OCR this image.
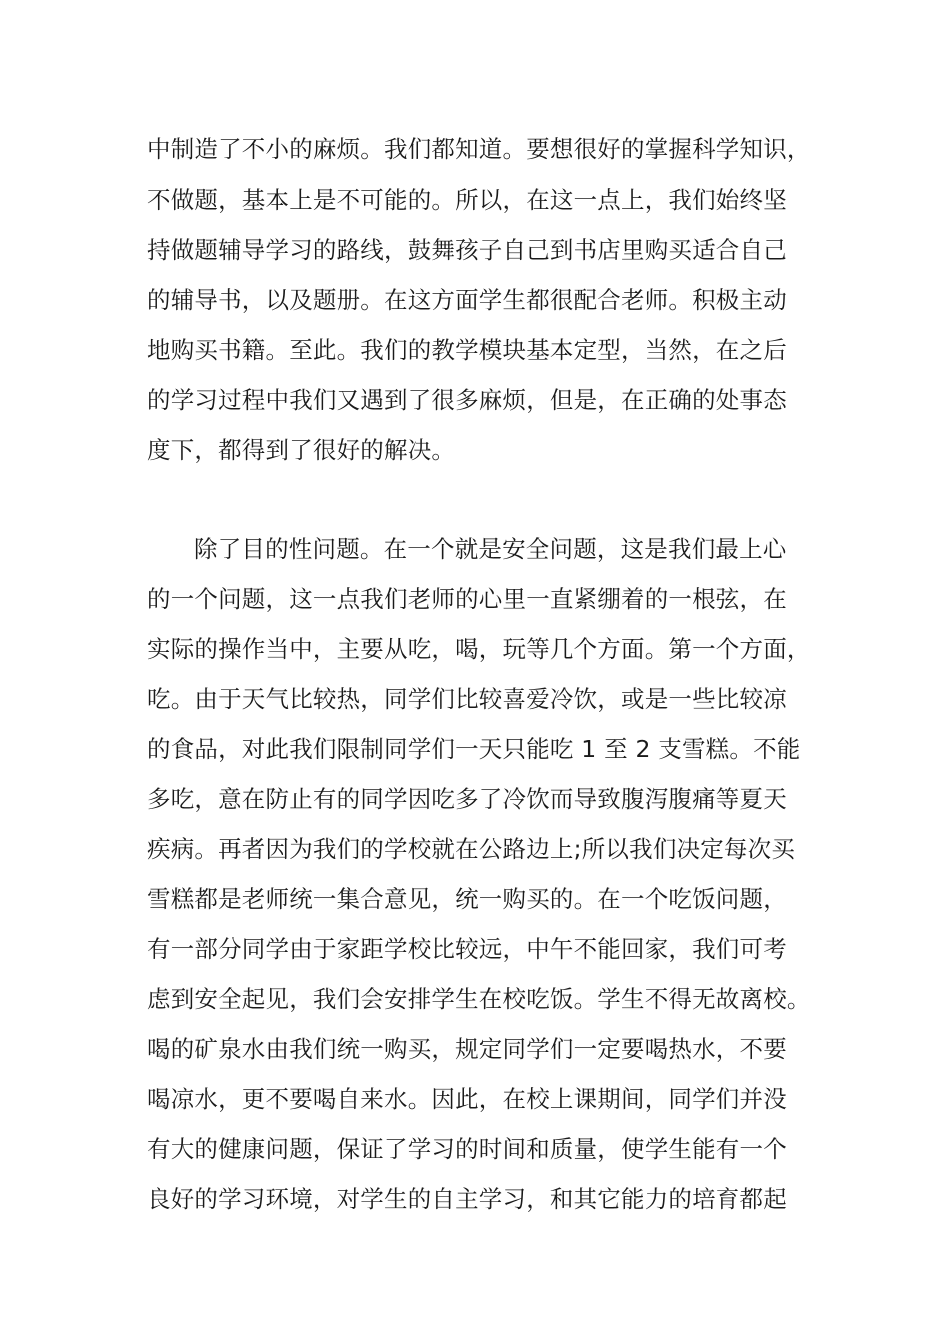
中制造了不小的麻烦。我们都知道。要想很好的掌握科学知识，
不做题，基本上是不可能的。所以，在这一点上，我们始终坚
持做题辅导学习的路线，鼓舞孩子自己到书店里购买适合自己
的辅导书，以及题册。在这方面学生都很配合老师。积极主动
地购买书籍。至此。我们的教学模块基本定型，当然，在之后
的学习过程中我们又遇到了很多麻烦，但是，在正确的处事态
度下，都得到了很好的解决。
除了目的性问题。在一个就是安全问题，这是我们最上心
的一个问题，这一点我们老师的心里一直紧绷着的一根弦，在
实际的操作当中，主要从吃，喝，玩等几个方面。第一个方面，
吃。由于天气比较热，同学们比较喜爱冷饮，或是一些比较凉
的食品，对此我们限制同学们一天只能吃 1 至 2 支雪糕。不能
多吃，意在防止有的同学因吃多了冷饮而导致腹泻腹痛等夏天
疾病。再者因为我们的学校就在公路边上;所以我们决定每次买
雪糕都是老师统一集合意见，统一购买的。在一个吃饭问题，
有一部分同学由于家距学校比较远，中午不能回家，我们可考
虑到安全起见，我们会安排学生在校吃饭。学生不得无故离校。
喝的矿泉水由我们统一购买，规定同学们一定要喝热水，不要
喝凉水，更不要喝自来水。因此，在校上课期间，同学们并没
有大的健康问题，保证了学习的时间和质量，使学生能有一个
良好的学习环境，对学生的自主学习，和其它能力的培育都起
